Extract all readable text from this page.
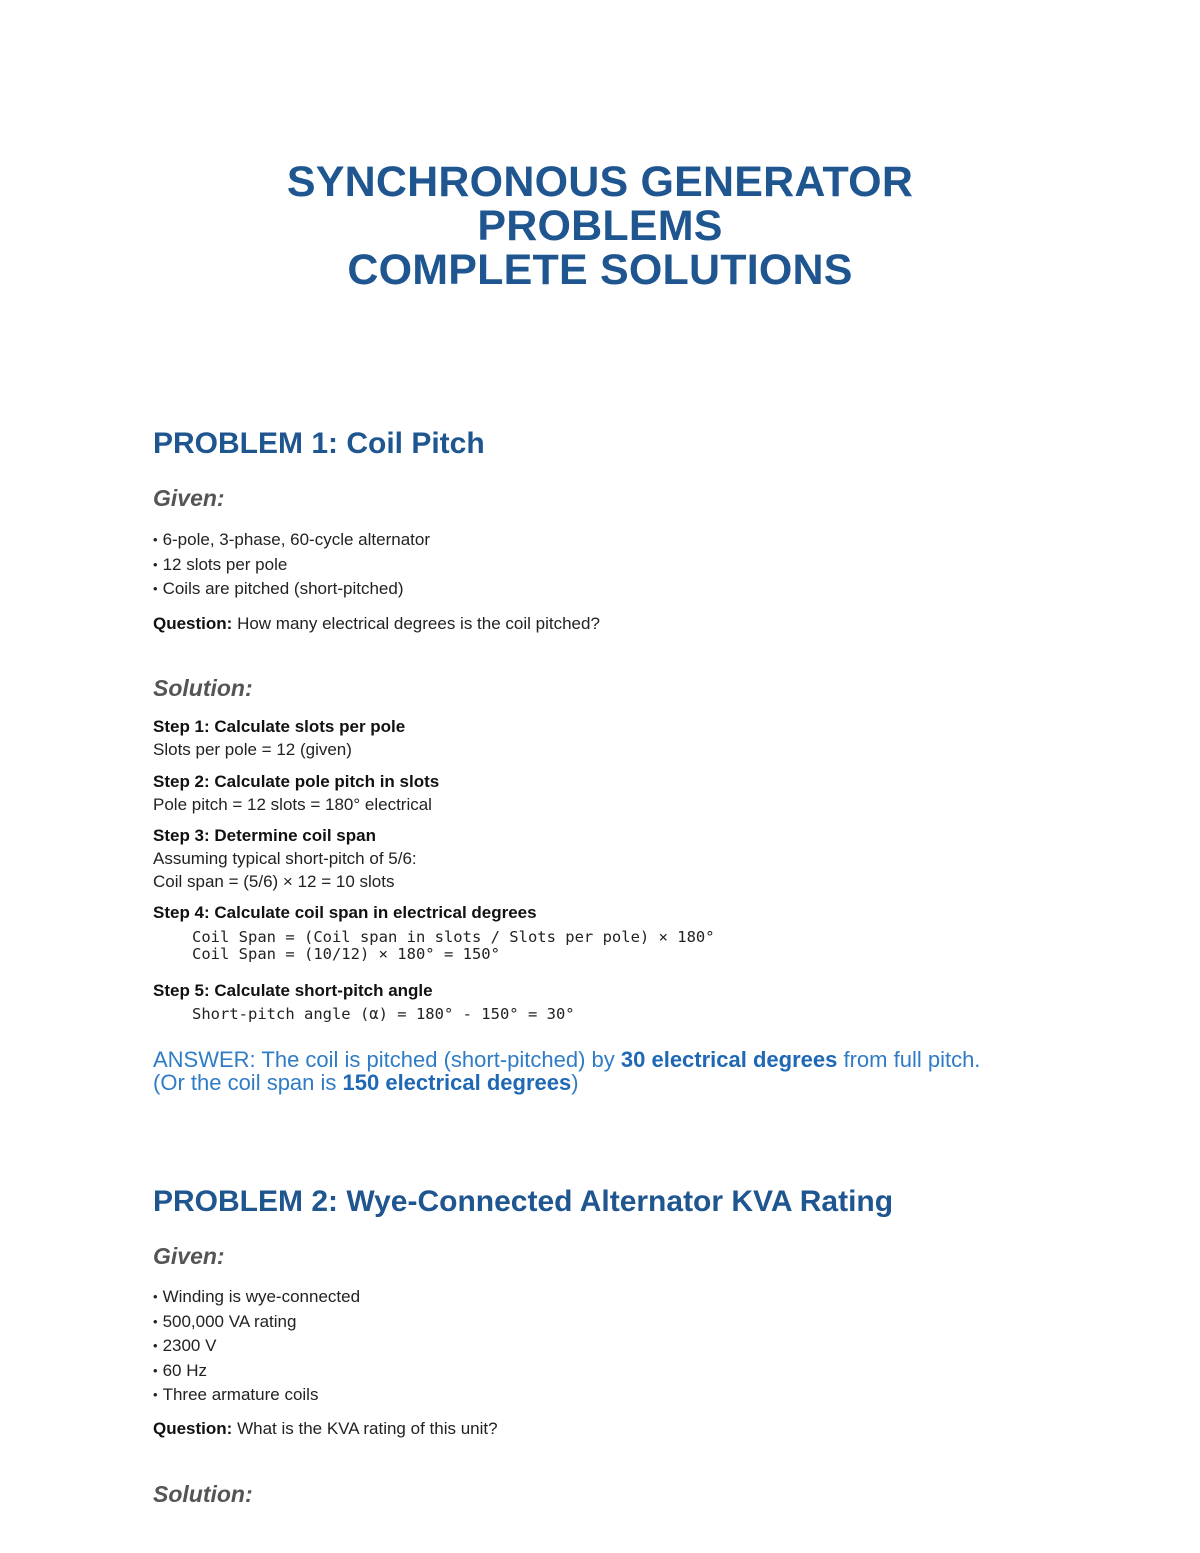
SYNCHRONOUS GENERATOR
PROBLEMS
COMPLETE SOLUTIONS
PROBLEM 1: Coil Pitch
Given:
• 6-pole, 3-phase, 60-cycle alternator
• 12 slots per pole
• Coils are pitched (short-pitched)
Question: How many electrical degrees is the coil pitched?
Solution:
Step 1: Calculate slots per pole
Slots per pole = 12 (given)
Step 2: Calculate pole pitch in slots
Pole pitch = 12 slots = 180° electrical
Step 3: Determine coil span
Assuming typical short-pitch of 5/6:
Coil span = (5/6) × 12 = 10 slots
Step 4: Calculate coil span in electrical degrees
Coil Span = (Coil span in slots / Slots per pole) × 180°
Coil Span = (10/12) × 180° = 150°
Step 5: Calculate short-pitch angle
Short-pitch angle (α) = 180° - 150° = 30°
ANSWER: The coil is pitched (short-pitched) by 30 electrical degrees from full pitch.
(Or the coil span is 150 electrical degrees)
PROBLEM 2: Wye-Connected Alternator KVA Rating
Given:
• Winding is wye-connected
• 500,000 VA rating
• 2300 V
• 60 Hz
• Three armature coils
Question: What is the KVA rating of this unit?
Solution:
